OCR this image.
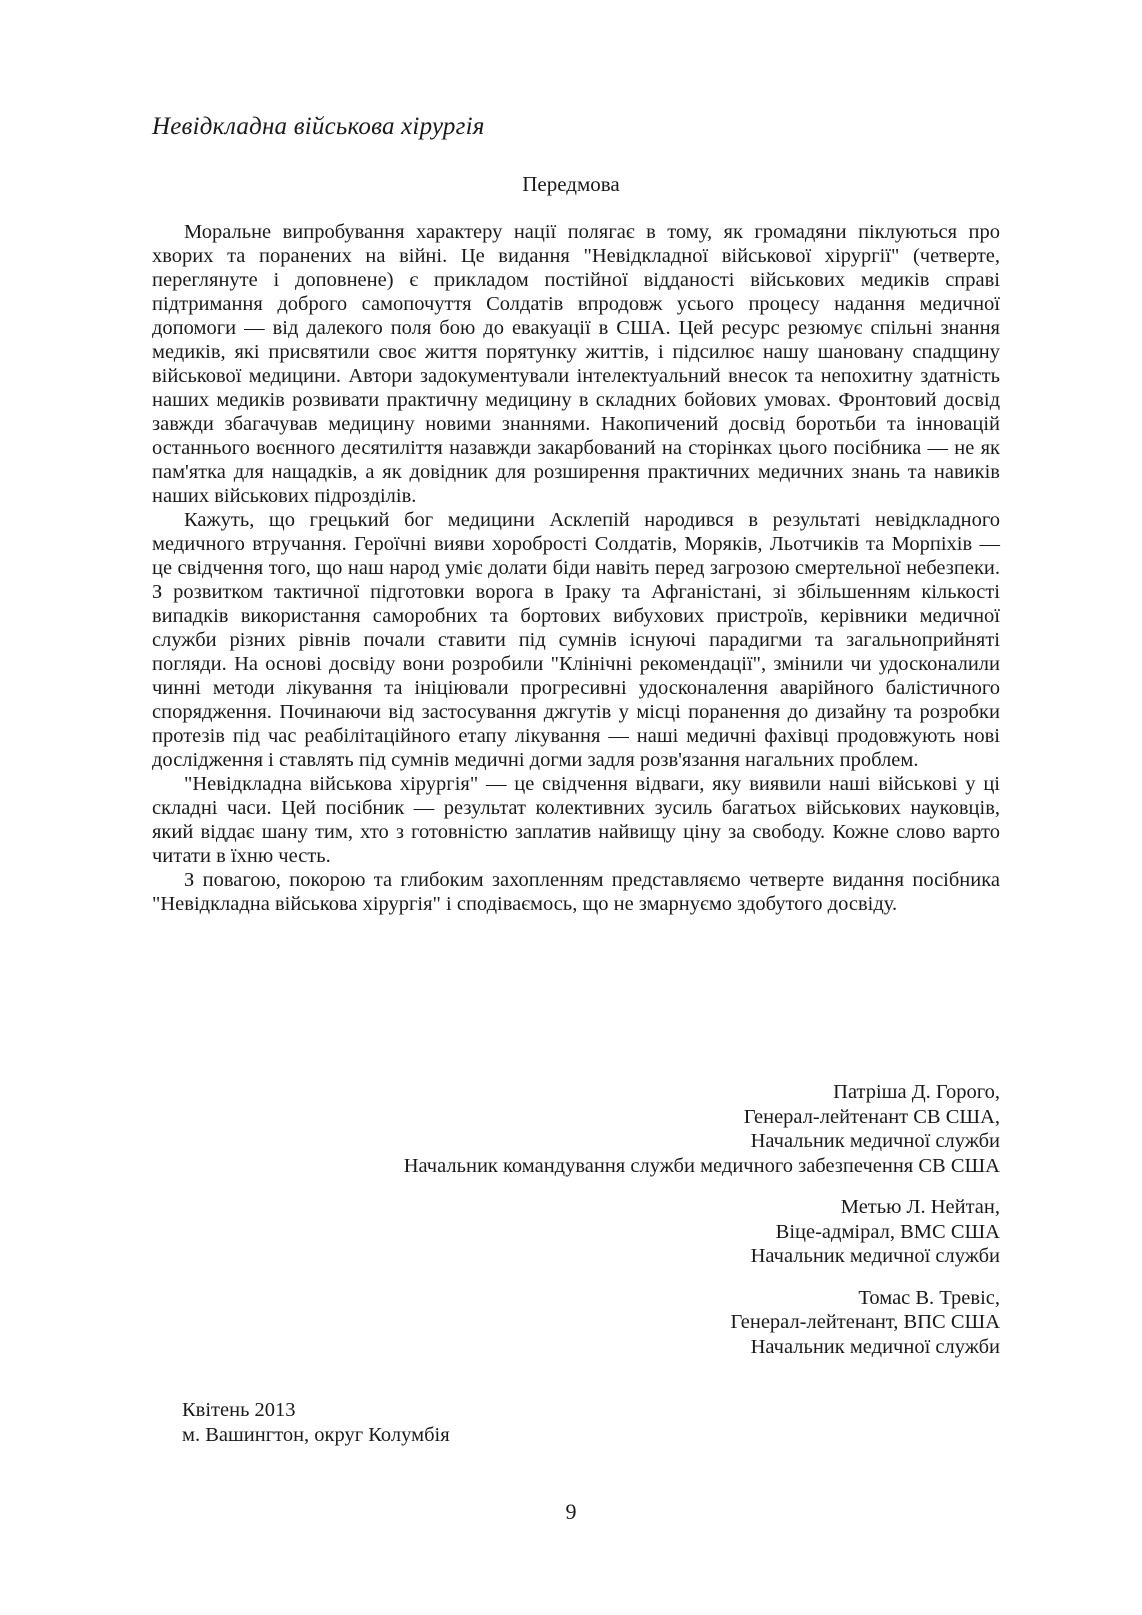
Невідкладна військова хірургія
Передмова

Моральне випробування характеру нації полягає в тому, як громадяни піклуються про хворих та поранених на війні. Це видання "Невідкладної військової хірургії" (четверте, переглянуте і доповнене) є прикладом постійної відданості військових медиків справі підтримання доброго самопочуття Солдатів впродовж усього процесу надання медичної допомоги — від далекого поля бою до евакуації в США. Цей ресурс резюмує спільні знання медиків, які присвятили своє життя порятунку життів, і підсилює нашу шановану спадщину військової медицини. Автори задокументували інтелектуальний внесок та непохитну здатність наших медиків розвивати практичну медицину в складних бойових умовах. Фронтовий досвід завжди збагачував медицину новими знаннями. Накопичений досвід боротьби та інновацій останнього воєнного десятиліття назавжди закарбований на сторінках цього посібника — не як пам'ятка для нащадків, а як довідник для розширення практичних медичних знань та навиків наших військових підрозділів.

Кажуть, що грецький бог медицини Асклепій народився в результаті невідкладного медичного втручання. Героїчні вияви хоробрості Солдатів, Моряків, Льотчиків та Морпіхів — це свідчення того, що наш народ уміє долати біди навіть перед загрозою смертельної небезпеки. З розвитком тактичної підготовки ворога в Іраку та Афганістані, зі збільшенням кількості випадків використання саморобних та бортових вибухових пристроїв, керівники медичної служби різних рівнів почали ставити під сумнів існуючі парадигми та загальноприйняті погляди. На основі досвіду вони розробили "Клінічні рекомендації", змінили чи удосконалили чинні методи лікування та ініціювали прогресивні удосконалення аварійного балістичного спорядження. Починаючи від застосування джгутів у місці поранення до дизайну та розробки протезів під час реабілітаційного етапу лікування — наші медичні фахівці продовжують нові дослідження і ставлять під сумнів медичні догми задля розв'язання нагальних проблем.

"Невідкладна військова хірургія" — це свідчення відваги, яку виявили наші військові у ці складні часи. Цей посібник — результат колективних зусиль багатьох військових науковців, який віддає шану тим, хто з готовністю заплатив найвищу ціну за свободу. Кожне слово варто читати в їхню честь.

З повагою, покорою та глибоким захопленням представляємо четверте видання посібника "Невідкладна військова хірургія" і сподіваємось, що не змарнуємо здобутого досвіду.

Патріша Д. Горого,
Генерал-лейтенант СВ США,
Начальник медичної служби
Начальник командування служби медичного забезпечення СВ США
Метью Л. Нейтан,
Віце-адмірал, ВМС США
Начальник медичної служби
Томас В. Тревіс,
Генерал-лейтенант, ВПС США
Начальник медичної служби
Квітень 2013
м. Вашингтон, округ Колумбія
9
